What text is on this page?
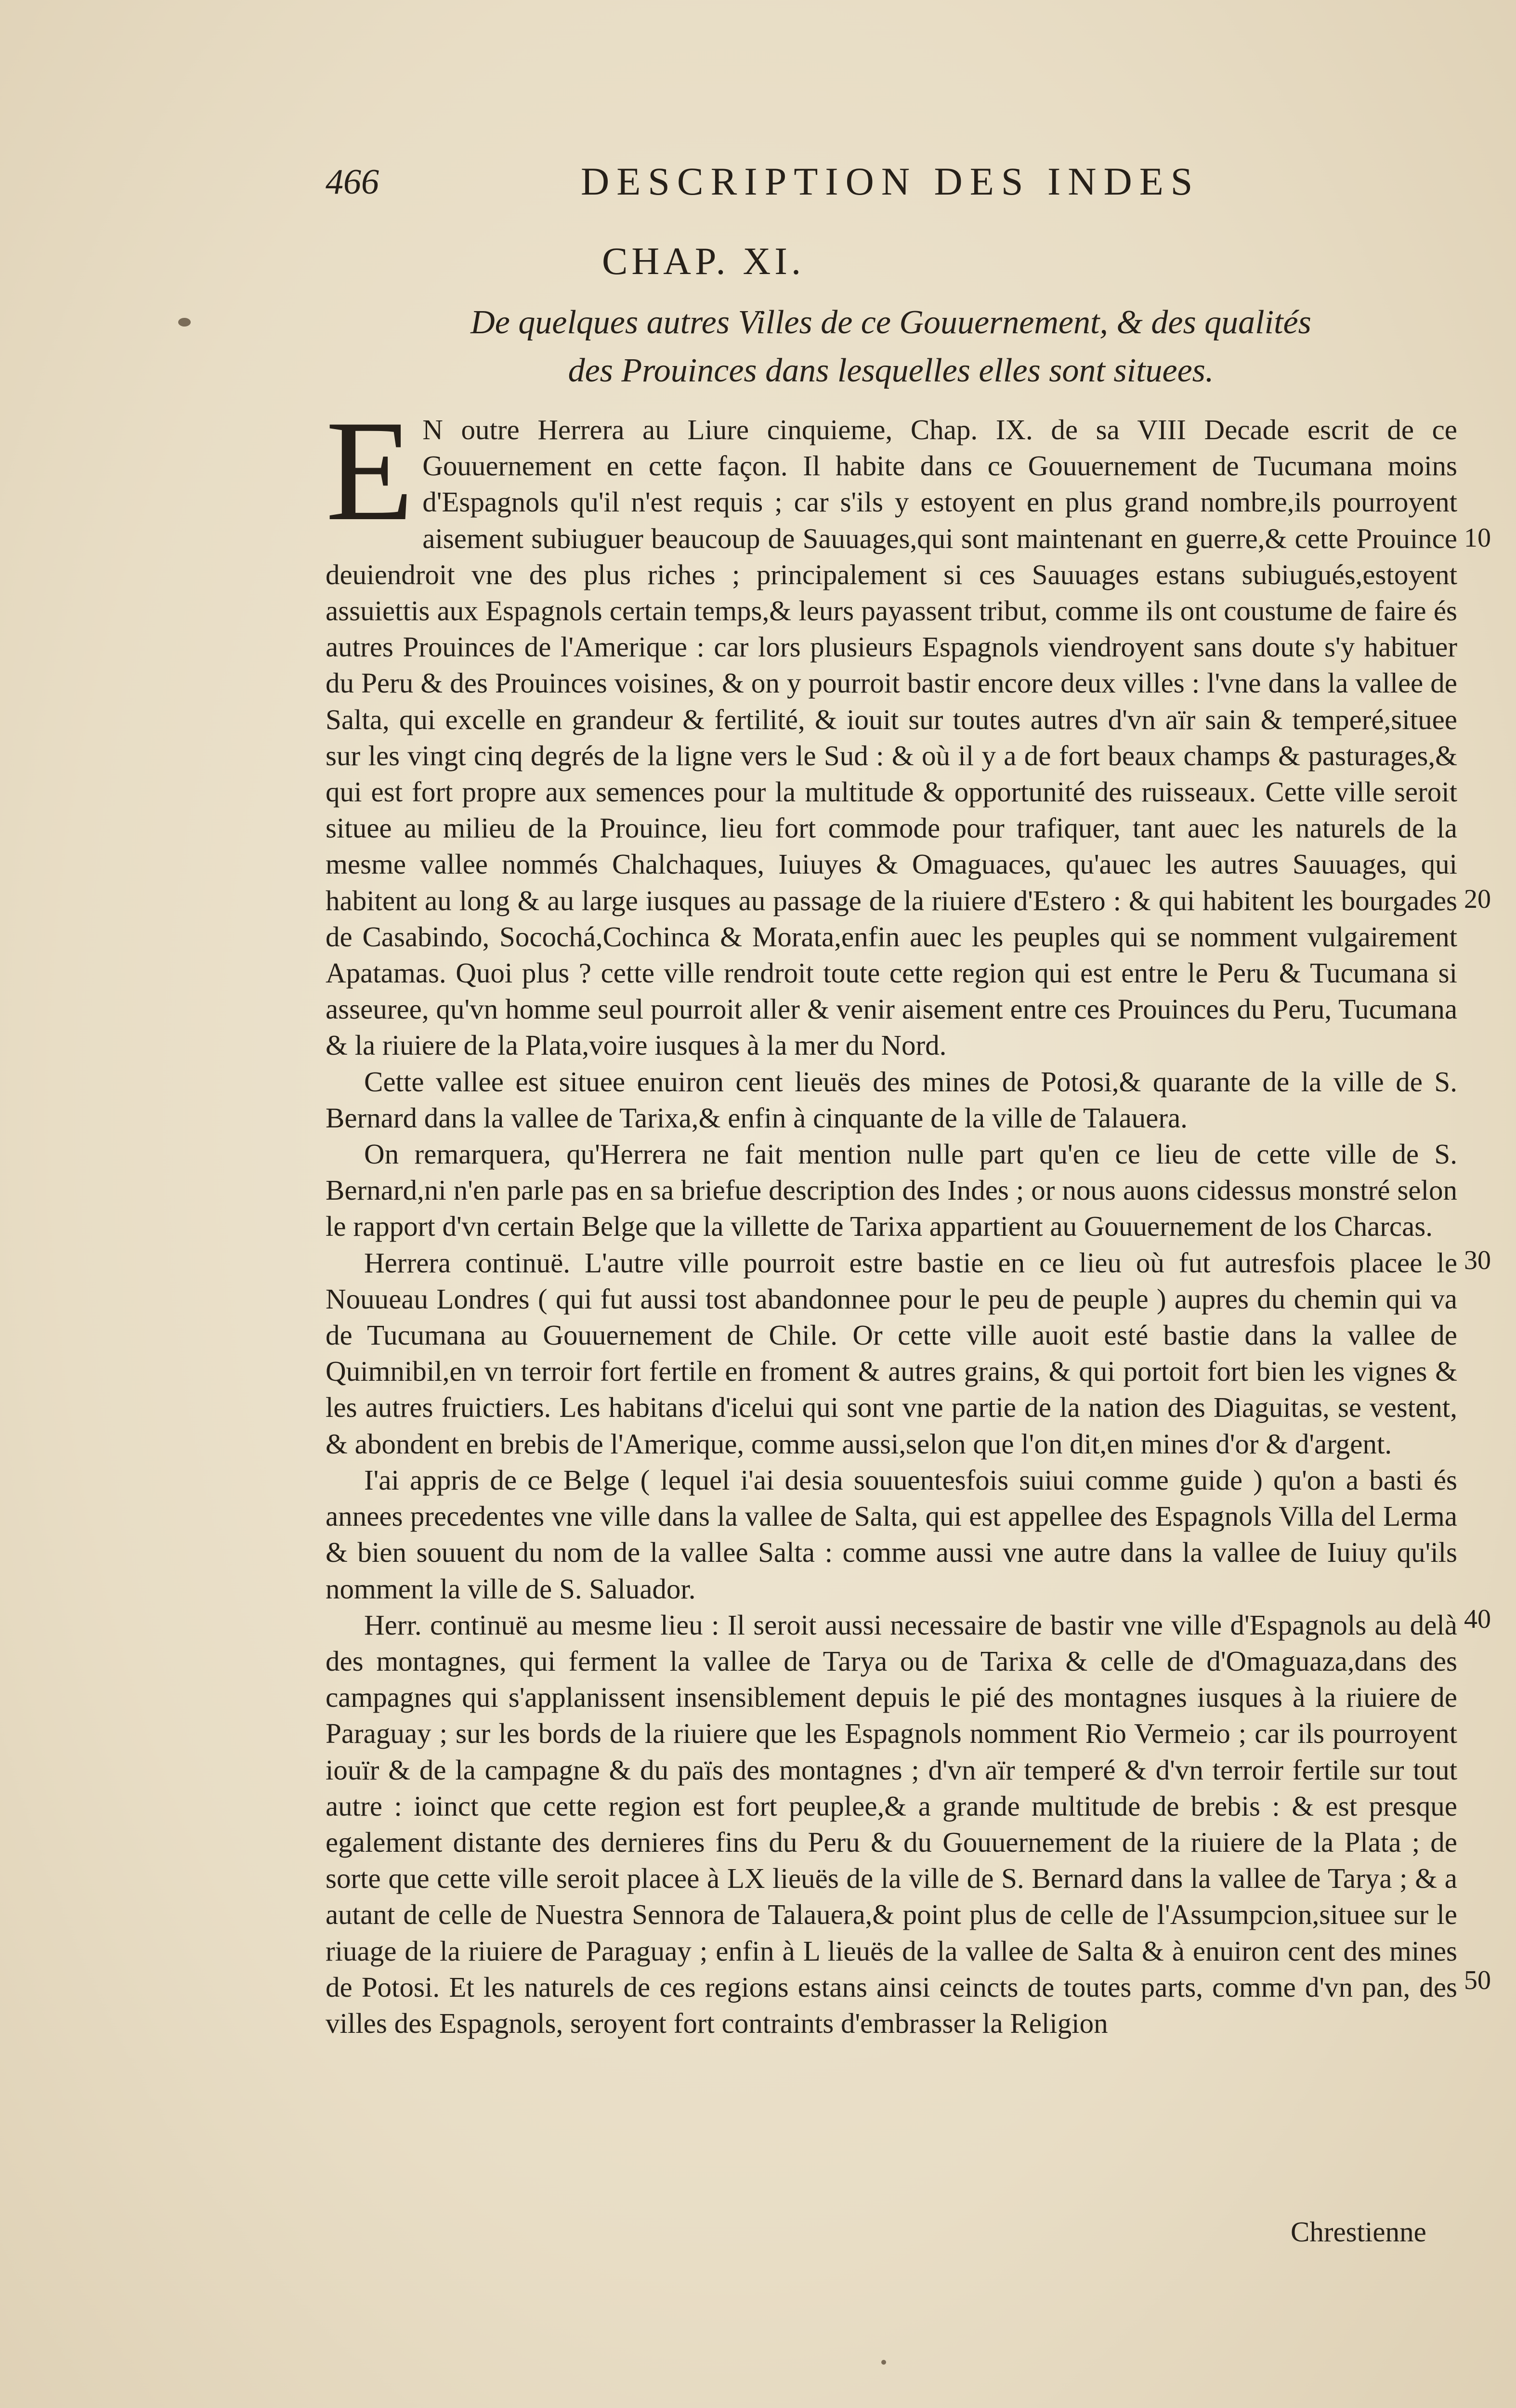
466	DESCRIPTION DES INDES
CHAP. XI.
De quelques autres Villes de ce Gouuernement, & des qualités
des Prouinces dans lesquelles elles sont situees.

E N outre Herrera au Liure cinquieme, Chap. IX. de sa VIII Decade escrit de ce Gouuernement en cette façon. Il habite dans ce Gouuernement de Tucumana moins d'Espagnols qu'il n'est requis ; car s'ils y estoyent en plus grand nombre,ils pourroyent aisement subiuguer beaucoup de Sauuages,qui sont maintenant en guerre,& cette Prouince deuiendroit vne des plus riches ; principalement si ces Sauuages estans subiugués,estoyent assuiettis aux Espagnols certain temps,& leurs payassent tribut, comme ils ont coustume de faire és autres Prouinces de l'Amerique : car lors plusieurs Espagnols viendroyent sans doute s'y habituer du Peru & des Prouinces voisines, & on y pourroit bastir encore deux villes : l'vne dans la vallee de Salta, qui excelle en grandeur & fertilité, & iouit sur toutes autres d'vn aïr sain & temperé,situee sur les vingt cinq degrés de la ligne vers le Sud : & où il y a de fort beaux champs & pasturages,& qui est fort propre aux semences pour la multitude & opportunité des ruisseaux. Cette ville seroit situee au milieu de la Prouince, lieu fort commode pour trafiquer, tant auec les naturels de la mesme vallee nommés Chalchaques, Iuiuyes & Omaguaces, qu'auec les autres Sauuages, qui habitent au long & au large iusques au passage de la riuiere d'Estero : & qui habitent les bourgades de Casabindo, Socochá,Cochinca & Morata,enfin auec les peuples qui se nomment vulgairement Apatamas. Quoi plus ? cette ville rendroit toute cette region qui est entre le Peru & Tucumana si asseuree, qu'vn homme seul pourroit aller & venir aisement entre ces Prouinces du Peru, Tucumana & la riuiere de la Plata,voire iusques à la mer du Nord.

Cette vallee est situee enuiron cent lieuës des mines de Potosi,& quarante de la ville de S. Bernard dans la vallee de Tarixa,& enfin à cinquante de la ville de Talauera.

On remarquera, qu'Herrera ne fait mention nulle part qu'en ce lieu de cette ville de S. Bernard,ni n'en parle pas en sa briefue description des Indes ; or nous auons cidessus monstré selon le rapport d'vn certain Belge que la villette de Tarixa appartient au Gouuernement de los Charcas.

Herrera continuë. L'autre ville pourroit estre bastie en ce lieu où fut autresfois placee le Nouueau Londres ( qui fut aussi tost abandonnee pour le peu de peuple ) aupres du chemin qui va de Tucumana au Gouuernement de Chile. Or cette ville auoit esté bastie dans la vallee de Quimnibil,en vn terroir fort fertile en froment & autres grains, & qui portoit fort bien les vignes & les autres fruictiers. Les habitans d'icelui qui sont vne partie de la nation des Diaguitas, se vestent, & abondent en brebis de l'Amerique, comme aussi,selon que l'on dit,en mines d'or & d'argent.

I'ai appris de ce Belge ( lequel i'ai desia souuentesfois suiui comme guide ) qu'on a basti és annees precedentes vne ville dans la vallee de Salta, qui est appellee des Espagnols Villa del Lerma & bien souuent du nom de la vallee Salta : comme aussi vne autre dans la vallee de Iuiuy qu'ils nomment la ville de S. Saluador.

Herr. continuë au mesme lieu : Il seroit aussi necessaire de bastir vne ville d'Espagnols au delà des montagnes, qui ferment la vallee de Tarya ou de Tarixa & celle de d'Omaguaza,dans des campagnes qui s'applanissent insensiblement depuis le pié des montagnes iusques à la riuiere de Paraguay ; sur les bords de la riuiere que les Espagnols nomment Rio Vermeio ; car ils pourroyent iouïr & de la campagne & du païs des montagnes ; d'vn aïr temperé & d'vn terroir fertile sur tout autre : ioinct que cette region est fort peuplee,& a grande multitude de brebis : & est presque egalement distante des dernieres fins du Peru & du Gouuernement de la riuiere de la Plata ; de sorte que cette ville seroit placee à LX lieuës de la ville de S. Bernard dans la vallee de Tarya ; & a autant de celle de Nuestra Sennora de Talauera,& point plus de celle de l'Assumpcion,situee sur le riuage de la riuiere de Paraguay ; enfin à L lieuës de la vallee de Salta & à enuiron cent des mines de Potosi. Et les naturels de ces regions estans ainsi ceincts de toutes parts, comme d'vn pan, des villes des Espagnols, seroyent fort contraints d'embrasser la Religion

10
20
30
40
50
Chrestienne
